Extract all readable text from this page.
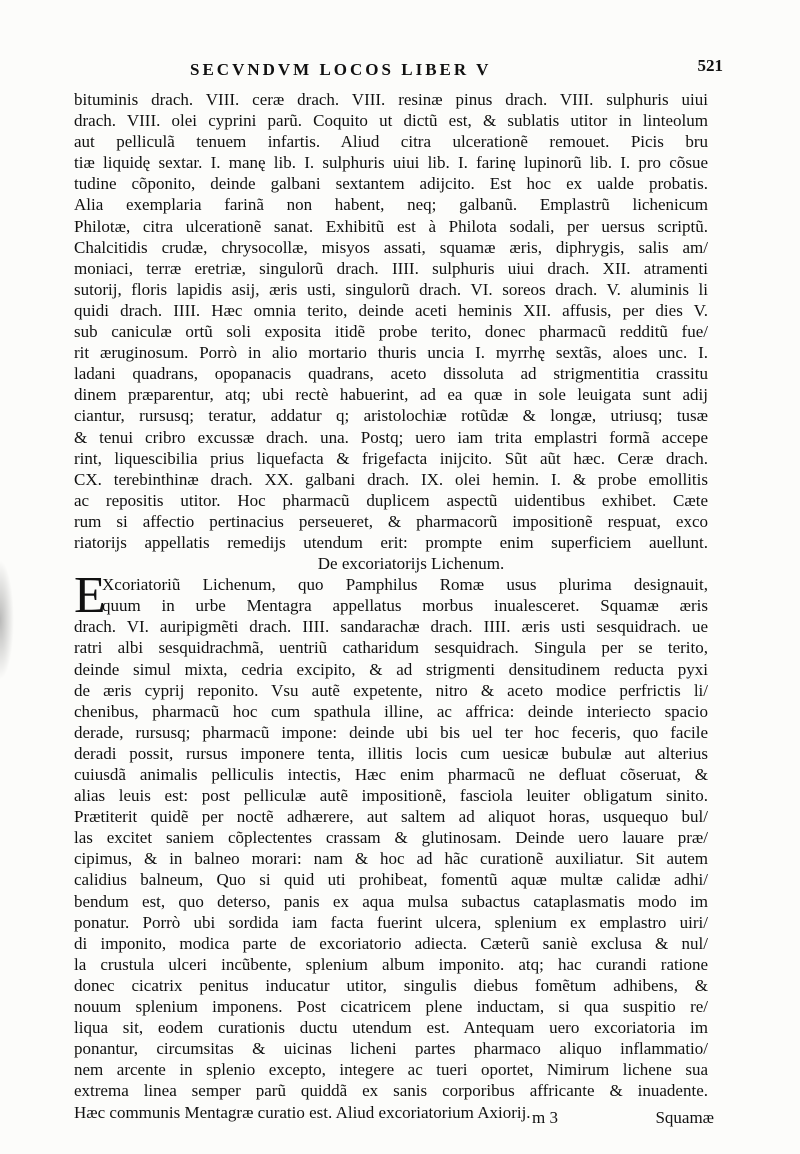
SECVNDVM LOCOS LIBER V	521
bituminis drach. VIII. ceræ drach. VIII. resinæ pinus drach. VIII. sulphuris uiui
drach. VIII. olei cyprini parũ. Coquito ut dictũ est, & sublatis utitor in linteolum
aut pelliculã tenuem infartis. Aliud citra ulcerationẽ remouet. Picis bru
tiæ liquidę sextar. I. manę lib. I. sulphuris uiui lib. I. farinę lupinorũ lib. I. pro cõsue
tudine cõponito, deinde galbani sextantem adijcito. Est hoc ex ualde probatis.
Alia exemplaria farinã non habent, neq; galbanũ. Emplastrũ lichenicum
Philotæ, citra ulcerationẽ sanat. Exhibitũ est à Philota sodali, per uersus scriptũ.
Chalcitidis crudæ, chrysocollæ, misyos assati, squamæ æris, diphrygis, salis am/
moniaci, terræ eretriæ, singulorũ drach. IIII. sulphuris uiui drach. XII. atramenti
sutorij, floris lapidis asij, æris usti, singulorũ drach. VI. soreos drach. V. aluminis li
quidi drach. IIII. Hæc omnia terito, deinde aceti heminis XII. affusis, per dies V.
sub caniculæ ortũ soli exposita itidẽ probe terito, donec pharmacũ redditũ fue/
rit æruginosum. Porrò in alio mortario thuris uncia I. myrrhę sextãs, aloes unc. I.
ladani quadrans, opopanacis quadrans, aceto dissoluta ad strigmentitia crassitu
dinem præparentur, atq; ubi rectè habuerint, ad ea quæ in sole leuigata sunt adij
ciantur, rursusq; teratur, addatur q; aristolochiæ rotũdæ & longæ, utriusq; tusæ
& tenui cribro excussæ drach. una. Postq; uero iam trita emplastri formã accepe
rint, liquescibilia prius liquefacta & frigefacta inijcito. Sũt aũt hæc. Ceræ drach.
CX. terebinthinæ drach. XX. galbani drach. IX. olei hemin. I. & probe emollitis
ac repositis utitor. Hoc pharmacũ duplicem aspectũ uidentibus exhibet. Cæte
rum si affectio pertinacius perseueret, & pharmacorũ impositionẽ respuat, exco
riatorijs appellatis remedijs utendum erit: prompte enim superficiem auellunt.
De excoriatorijs Lichenum.
E
Xcoriatoriũ Lichenum, quo Pamphilus Romæ usus plurima designauit,
quum in urbe Mentagra appellatus morbus inualesceret. Squamæ æris
drach. VI. auripigmẽti drach. IIII. sandarachæ drach. IIII. æris usti sesquidrach. ue
ratri albi sesquidrachmã, uentriũ catharidum sesquidrach. Singula per se terito,
deinde simul mixta, cedria excipito, & ad strigmenti densitudinem reducta pyxi
de æris cyprij reponito. Vsu autẽ expetente, nitro & aceto modice perfrictis li/
chenibus, pharmacũ hoc cum spathula illine, ac affrica: deinde interiecto spacio
derade, rursusq; pharmacũ impone: deinde ubi bis uel ter hoc feceris, quo facile
deradi possit, rursus imponere tenta, illitis locis cum uesicæ bubulæ aut alterius
cuiusdã animalis pelliculis intectis, Hæc enim pharmacũ ne defluat cõseruat, &
alias leuis est: post pelliculæ autẽ impositionẽ, fasciola leuiter obligatum sinito.
Prætiterit quidẽ per noctẽ adhærere, aut saltem ad aliquot horas, usquequo bul/
las excitet saniem cõplectentes crassam & glutinosam. Deinde uero lauare præ/
cipimus, & in balneo morari: nam & hoc ad hãc curationẽ auxiliatur. Sit autem
calidius balneum, Quo si quid uti prohibeat, fomentũ aquæ multæ calidæ adhi/
bendum est, quo deterso, panis ex aqua mulsa subactus cataplasmatis modo im
ponatur. Porrò ubi sordida iam facta fuerint ulcera, splenium ex emplastro uiri/
di imponito, modica parte de excoriatorio adiecta. Cæterũ saniè exclusa & nul/
la crustula ulceri incũbente, splenium album imponito. atq; hac curandi ratione
donec cicatrix penitus inducatur utitor, singulis diebus fomẽtum adhibens, &
nouum splenium imponens. Post cicatricem plene inductam, si qua suspitio re/
liqua sit, eodem curationis ductu utendum est. Antequam uero excoriatoria im
ponantur, circumsitas & uicinas licheni partes pharmaco aliquo inflammatio/
nem arcente in splenio excepto, integere ac tueri oportet, Nimirum lichene sua
extrema linea semper parũ quiddã ex sanis corporibus affricante & inuadente.
Hæc communis Mentagræ curatio est. Aliud excoriatorium Axiorij. m 3	Squamæ
